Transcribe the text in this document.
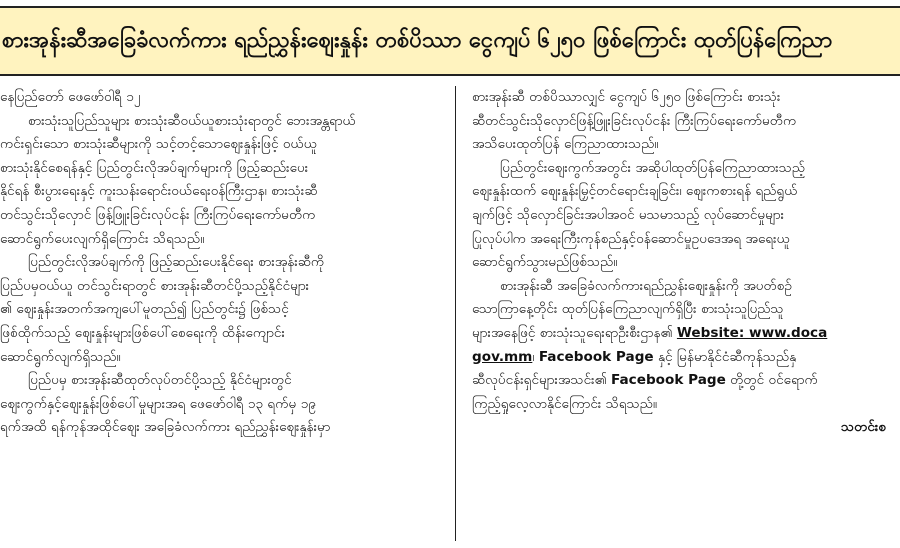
စားအုန်းဆီအခြေခံလက်ကား ရည်ညွှန်းဈေးနှုန်း တစ်ပိဿာ ငွေကျပ် ၆၂၅၀ ဖြစ်ကြောင်း ထုတ်ပြန်ကြေညာ
နေပြည်တော် ဖေဖော်ဝါရီ ၁၂
စားသုံးသူပြည်သူများ စားသုံးဆီဝယ်ယူစားသုံးရာတွင် ဘေးအန္တရာယ်
ကင်းရှင်းသော စားသုံးဆီများကို သင့်တင့်သောဈေးနှုန်းဖြင့် ဝယ်ယူ
စားသုံးနိုင်စေရန်နှင့် ပြည်တွင်းလိုအပ်ချက်များကို ဖြည့်ဆည်းပေး
နိုင်ရန် စီးပွားရေးနှင့် ကူးသန်းရောင်းဝယ်ရေးဝန်ကြီးဌာန၊ စားသုံးဆီ
တင်သွင်းသိုလှောင် ဖြန့်ဖြူးခြင်းလုပ်ငန်း ကြီးကြပ်ရေးကော်မတီက
ဆောင်ရွက်ပေးလျက်ရှိကြောင်း သိရသည်။
ပြည်တွင်းလိုအပ်ချက်ကို ဖြည့်ဆည်းပေးနိုင်ရေး စားအုန်းဆီကို
ပြည်ပမှဝယ်ယူ တင်သွင်းရာတွင် စားအုန်းဆီတင်ပို့သည့်နိုင်ငံများ
၏ ဈေးနှုန်းအတက်အကျပေါ်မူတည်၍ ပြည်တွင်း၌ ဖြစ်သင့်
ဖြစ်ထိုက်သည့် ဈေးနှုန်းများဖြစ်ပေါ်စေရေးကို ထိန်းကျောင်း
ဆောင်ရွက်လျက်ရှိသည်။
ပြည်ပမှ စားအုန်းဆီထုတ်လုပ်တင်ပို့သည့် နိုင်ငံများတွင်
ဈေးကွက်နှင့်ဈေးနှုန်းဖြစ်ပေါ်မှုများအရ ဖေဖော်ဝါရီ ၁၃ ရက်မှ ၁၉
ရက်အထိ ရန်ကုန်အထိုင်ဈေး အခြေခံလက်ကား ရည်ညွှန်းဈေးနှုန်းမှာ
စားအုန်းဆီ တစ်ပိဿာလျှင် ငွေကျပ် ၆၂၅၀ ဖြစ်ကြောင်း စားသုံး
ဆီတင်သွင်းသိုလှောင်ဖြန့်ဖြူးခြင်းလုပ်ငန်း ကြီးကြပ်ရေးကော်မတီက
အသိပေးထုတ်ပြန် ကြေညာထားသည်။
ပြည်တွင်းဈေးကွက်အတွင်း အဆိုပါထုတ်ပြန်ကြေညာထားသည့်
ဈေးနှုန်းထက် ဈေးနှုန်းမြှင့်တင်ရောင်းချခြင်း၊ ဈေးကစားရန် ရည်ရွယ်
ချက်ဖြင့် သိုလှောင်ခြင်းအပါအဝင် မသမာသည့် လုပ်ဆောင်မှုများ
ပြုလုပ်ပါက အရေးကြီးကုန်စည်နှင့်ဝန်ဆောင်မှုဥပဒေအရ အရေးယူ
ဆောင်ရွက်သွားမည်ဖြစ်သည်။
စားအုန်းဆီ အခြေခံလက်ကားရည်ညွှန်းဈေးနှုန်းကို အပတ်စဉ်
သောကြာနေ့တိုင်း ထုတ်ပြန်ကြေညာလျက်ရှိပြီး စားသုံးသူပြည်သူ
များအနေဖြင့် စားသုံးသူရေးရာဦးစီးဌာန၏ Website: www.doca
gov.mm၊ Facebook Page နှင့် မြန်မာနိုင်ငံဆီကုန်သည်နှ
ဆီလုပ်ငန်းရှင်များအသင်း၏ Facebook Page တို့တွင် ဝင်ရောက်
ကြည့်ရှုလေ့လာနိုင်ကြောင်း သိရသည်။
သတင်းစ
